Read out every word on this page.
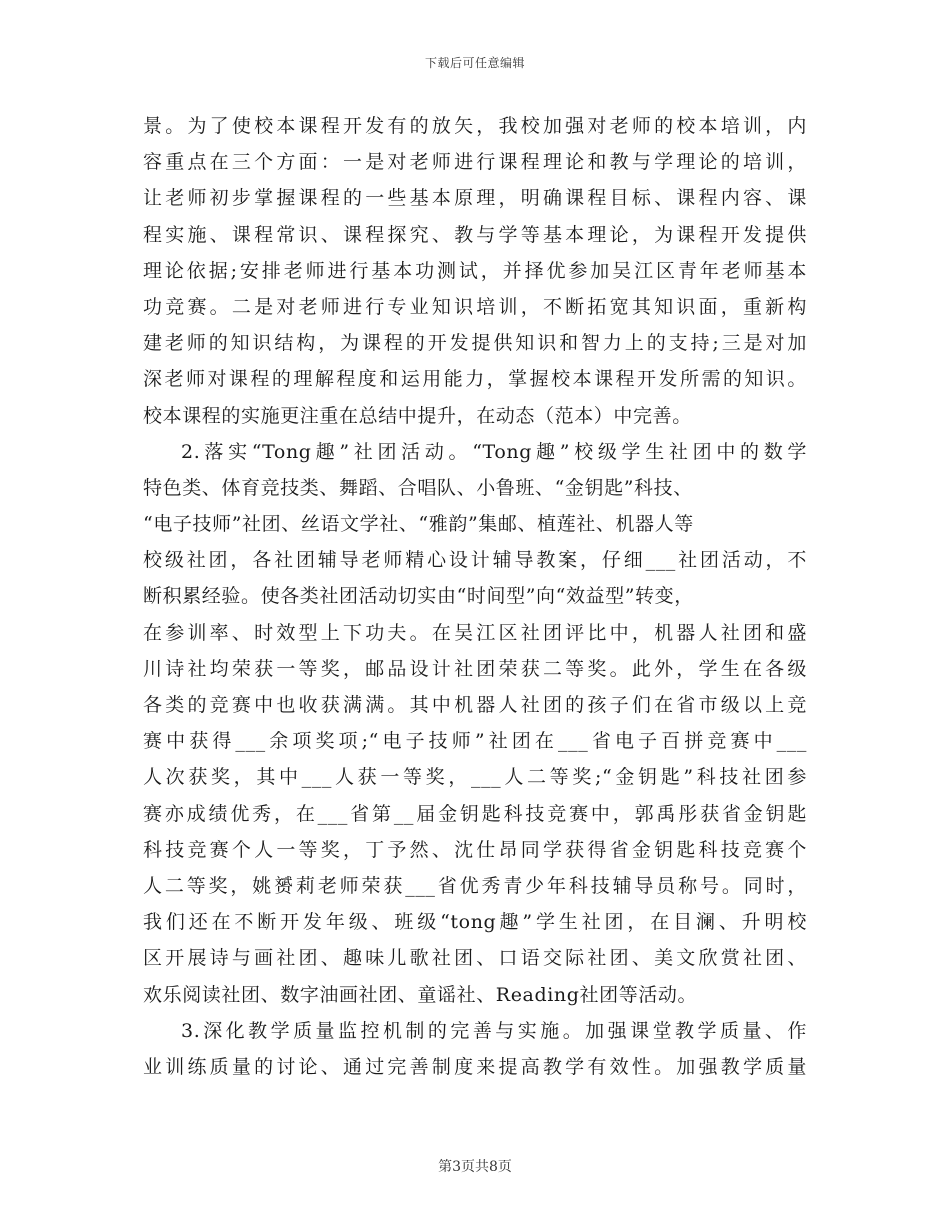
下载后可任意编辑
景。为了使校本课程开发有的放矢，我校加强对老师的校本培训，内
容重点在三个方面：一是对老师进行课程理论和教与学理论的培训，
让老师初步掌握课程的一些基本原理，明确课程目标、课程内容、课
程实施、课程常识、课程探究、教与学等基本理论，为课程开发提供
理论依据;安排老师进行基本功测试，并择优参加吴江区青年老师基本
功竞赛。二是对老师进行专业知识培训，不断拓宽其知识面，重新构
建老师的知识结构，为课程的开发提供知识和智力上的支持;三是对加
深老师对课程的理解程度和运用能力，掌握校本课程开发所需的知识。
校本课程的实施更注重在总结中提升，在动态（范本）中完善。
2.落实“Tong趣”社团活动。“Tong趣”校级学生社团中的数学
特色类、体育竞技类、舞蹈、合唱队、小鲁班、“金钥匙”科技、
“电子技师”社团、丝语文学社、“雅韵”集邮、植莲社、机器人等
校级社团，各社团辅导老师精心设计辅导教案，仔细___社团活动，不
断积累经验。使各类社团活动切实由“时间型”向“效益型”转变，
在参训率、时效型上下功夫。在吴江区社团评比中，机器人社团和盛
川诗社均荣获一等奖，邮品设计社团荣获二等奖。此外，学生在各级
各类的竞赛中也收获满满。其中机器人社团的孩子们在省市级以上竞
赛中获得___余项奖项;“电子技师”社团在___省电子百拼竞赛中___
人次获奖，其中___人获一等奖，___人二等奖;“金钥匙”科技社团参
赛亦成绩优秀，在___省第__届金钥匙科技竞赛中，郭禹彤获省金钥匙
科技竞赛个人一等奖，丁予然、沈仕昂同学获得省金钥匙科技竞赛个
人二等奖，姚赟莉老师荣获___省优秀青少年科技辅导员称号。同时，
我们还在不断开发年级、班级“tong趣”学生社团，在目澜、升明校
区开展诗与画社团、趣味儿歌社团、口语交际社团、美文欣赏社团、
欢乐阅读社团、数字油画社团、童谣社、Reading社团等活动。
3.深化教学质量监控机制的完善与实施。加强课堂教学质量、作
业训练质量的讨论、通过完善制度来提高教学有效性。加强教学质量
第3页共8页
